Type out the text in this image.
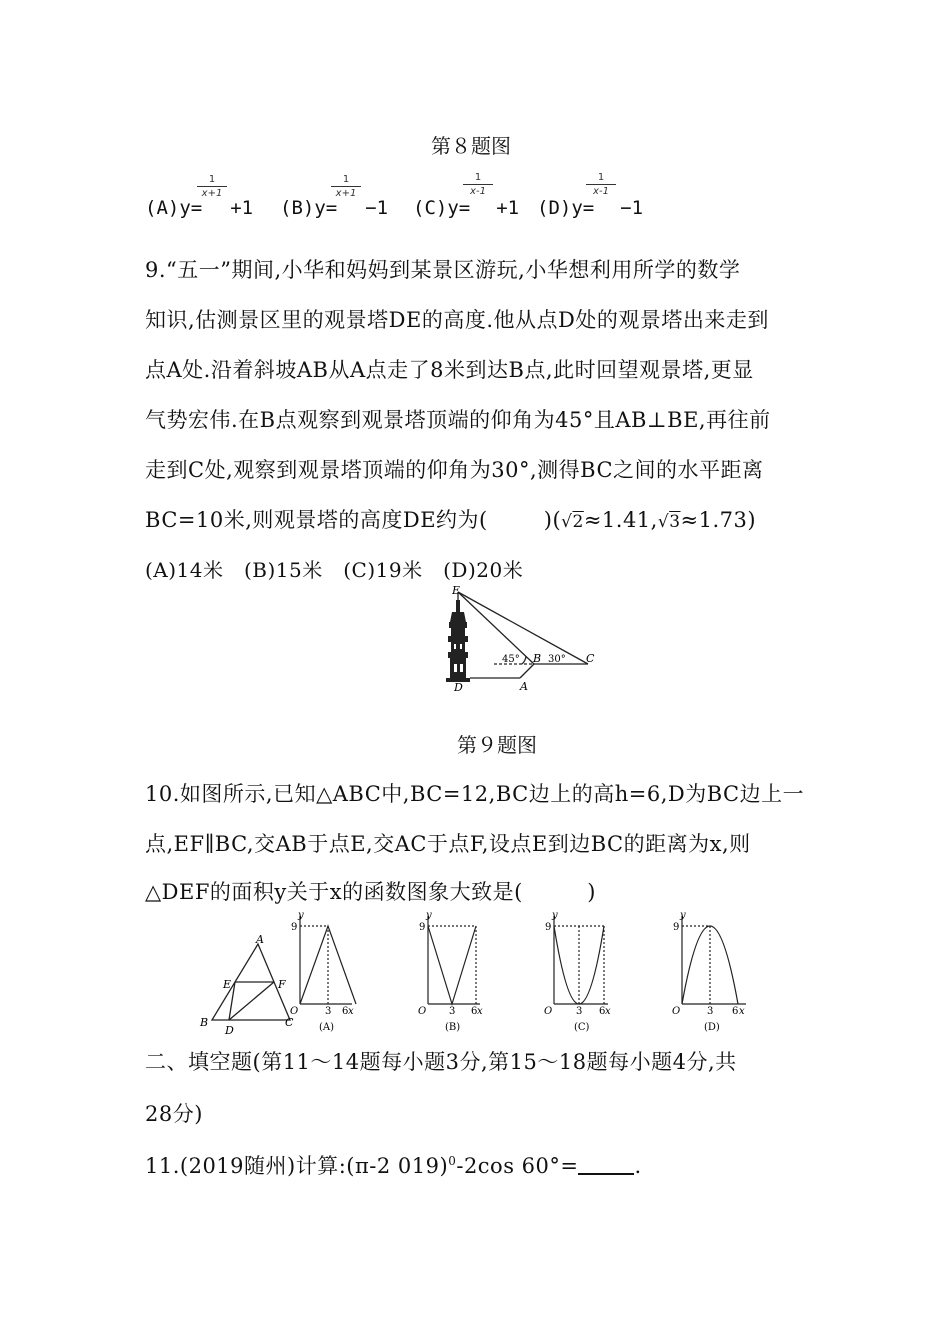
第８题图
(A)y= +1
1
x+1
(B)y= −1
1
x+1
(C)y= +1
1
x-1
(D)y= −1
1
x-1
9.“五一”期间,小华和妈妈到某景区游玩,小华想利用所学的数学
知识,估测景区里的观景塔DE的高度.他从点D处的观景塔出来走到
点A处.沿着斜坡AB从A点走了8米到达B点,此时回望观景塔,更显
气势宏伟.在B点观察到观景塔顶端的仰角为45°且AB⊥BE,再往前
走到C处,观察到观景塔顶端的仰角为30°,测得BC之间的水平距离
BC=10米,则观景塔的高度DE约为(	)(√2≈1.41,√3≈1.73)
(A)14米　(B)15米　(C)19米　(D)20米
E
D	A
B	C
45°	30°
第９题图
10.如图所示,已知△ABC中,BC=12,BC边上的高h=6,D为BC边上一
点,EF∥BC,交AB于点E,交AC于点F,设点E到边BC的距离为x,则
△DEF的面积y关于x的函数图象大致是(　　　)
A
B	C
D
E	F
y
9
O	3 6 x
(A)
y
9
O 3 6 x
(B)
y
9
O 3 6 x
(C)
y
9
O	3 6 x
(D)
二、填空题(第11～14题每小题3分,第15～18题每小题4分,共
28分)
11.(2019随州)计算:(π-2 019)$^0$-2cos 60°=	.
